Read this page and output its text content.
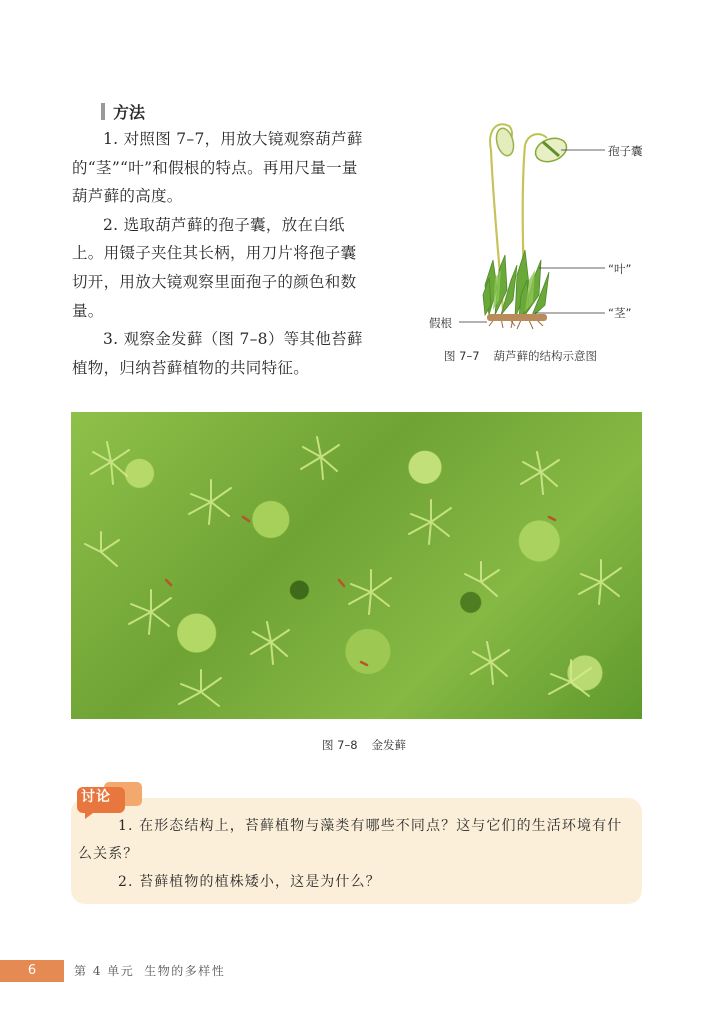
方法

1. 对照图 7–7，用放大镜观察葫芦藓的“茎”“叶”和假根的特点。再用尺量一量葫芦藓的高度。

2. 选取葫芦藓的孢子囊，放在白纸上。用镊子夹住其长柄，用刀片将孢子囊切开，用放大镜观察里面孢子的颜色和数量。

3. 观察金发藓（图 7–8）等其他苔藓植物，归纳苔藓植物的共同特征。

孢子囊
“叶”
“茎”
假根
图 7–7 葫芦藓的结构示意图
图 7–8 金发藓
讨论

1. 在形态结构上，苔藓植物与藻类有哪些不同点？这与它们的生活环境有什么关系？

2. 苔藓植物的植株矮小，这是为什么？

6	第 4 单元 生物的多样性
